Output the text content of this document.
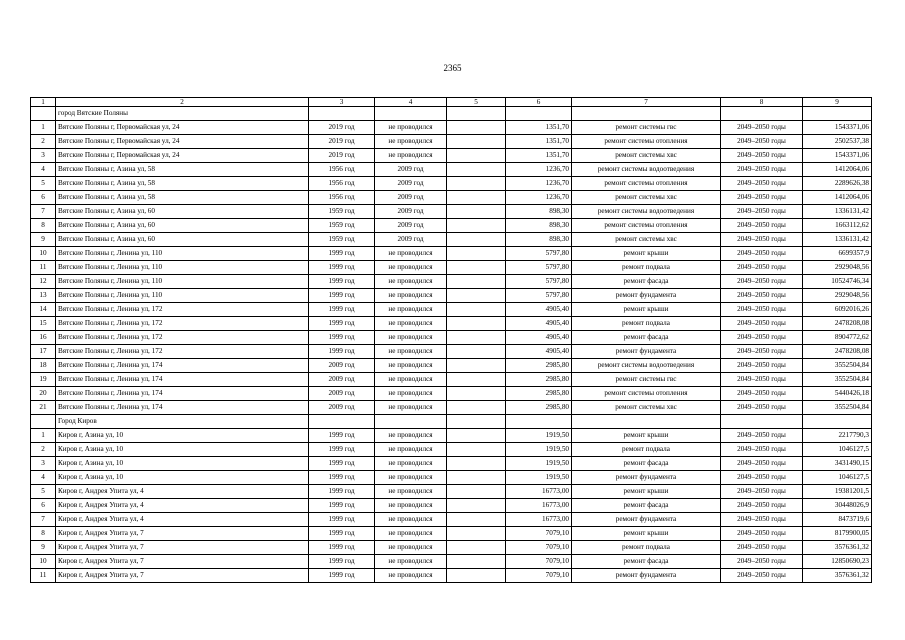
2365
1	2	3	4	5	6	7	8	9
	город Вятские Поляны							
1	Вятские Поляны г, Первомайская ул, 24	2019 год	не проводился		1351,70	ремонт системы гвс	2049–2050 годы	1543371,06
2	Вятские Поляны г, Первомайская ул, 24	2019 год	не проводился		1351,70	ремонт системы отопления	2049–2050 годы	2502537,38
3	Вятские Поляны г, Первомайская ул, 24	2019 год	не проводился		1351,70	ремонт системы хвс	2049–2050 годы	1543371,06
4	Вятские Поляны г, Азина ул, 58	1956 год	2009 год		1236,70	ремонт системы водоотведения	2049–2050 годы	1412064,06
5	Вятские Поляны г, Азина ул, 58	1956 год	2009 год		1236,70	ремонт системы отопления	2049–2050 годы	2289626,38
6	Вятские Поляны г, Азина ул, 58	1956 год	2009 год		1236,70	ремонт системы хвс	2049–2050 годы	1412064,06
7	Вятские Поляны г, Азина ул, 60	1959 год	2009 год		898,30	ремонт системы водоотведения	2049–2050 годы	1336131,42
8	Вятские Поляны г, Азина ул, 60	1959 год	2009 год		898,30	ремонт системы отопления	2049–2050 годы	1663112,62
9	Вятские Поляны г, Азина ул, 60	1959 год	2009 год		898,30	ремонт системы хвс	2049–2050 годы	1336131,42
10	Вятские Поляны г, Ленина ул, 110	1999 год	не проводился		5797,80	ремонт крыши	2049–2050 годы	6699357,9
11	Вятские Поляны г, Ленина ул, 110	1999 год	не проводился		5797,80	ремонт подвала	2049–2050 годы	2929048,56
12	Вятские Поляны г, Ленина ул, 110	1999 год	не проводился		5797,80	ремонт фасада	2049–2050 годы	10524746,34
13	Вятские Поляны г, Ленина ул, 110	1999 год	не проводился		5797,80	ремонт фундамента	2049–2050 годы	2929048,56
14	Вятские Поляны г, Ленина ул, 172	1999 год	не проводился		4905,40	ремонт крыши	2049–2050 годы	6092016,26
15	Вятские Поляны г, Ленина ул, 172	1999 год	не проводился		4905,40	ремонт подвала	2049–2050 годы	2478208,08
16	Вятские Поляны г, Ленина ул, 172	1999 год	не проводился		4905,40	ремонт фасада	2049–2050 годы	8904772,62
17	Вятские Поляны г, Ленина ул, 172	1999 год	не проводился		4905,40	ремонт фундамента	2049–2050 годы	2478208,08
18	Вятские Поляны г, Ленина ул, 174	2009 год	не проводился		2985,80	ремонт системы водоотведения	2049–2050 годы	3552504,84
19	Вятские Поляны г, Ленина ул, 174	2009 год	не проводился		2985,80	ремонт системы гвс	2049–2050 годы	3552504,84
20	Вятские Поляны г, Ленина ул, 174	2009 год	не проводился		2985,80	ремонт системы отопления	2049–2050 годы	5440426,18
21	Вятские Поляны г, Ленина ул, 174	2009 год	не проводился		2985,80	ремонт системы хвс	2049–2050 годы	3552504,84
	Город Киров							
1	Киров г, Азина ул, 10	1999 год	не проводился		1919,50	ремонт крыши	2049–2050 годы	2217790,3
2	Киров г, Азина ул, 10	1999 год	не проводился		1919,50	ремонт подвала	2049–2050 годы	1046127,5
3	Киров г, Азина ул, 10	1999 год	не проводился		1919,50	ремонт фасада	2049–2050 годы	3431490,15
4	Киров г, Азина ул, 10	1999 год	не проводился		1919,50	ремонт фундамента	2049–2050 годы	1046127,5
5	Киров г, Андрея Упита ул, 4	1999 год	не проводился		16773,00	ремонт крыши	2049–2050 годы	19381201,5
6	Киров г, Андрея Упита ул, 4	1999 год	не проводился		16773,00	ремонт фасада	2049–2050 годы	30448026,9
7	Киров г, Андрея Упита ул, 4	1999 год	не проводился		16773,00	ремонт фундамента	2049–2050 годы	8473719,6
8	Киров г, Андрея Упита ул, 7	1999 год	не проводился		7079,10	ремонт крыши	2049–2050 годы	8179900,05
9	Киров г, Андрея Упита ул, 7	1999 год	не проводился		7079,10	ремонт подвала	2049–2050 годы	3576361,32
10	Киров г, Андрея Упита ул, 7	1999 год	не проводился		7079,10	ремонт фасада	2049–2050 годы	12850690,23
11	Киров г, Андрея Упита ул, 7	1999 год	не проводился		7079,10	ремонт фундамента	2049–2050 годы	3576361,32
